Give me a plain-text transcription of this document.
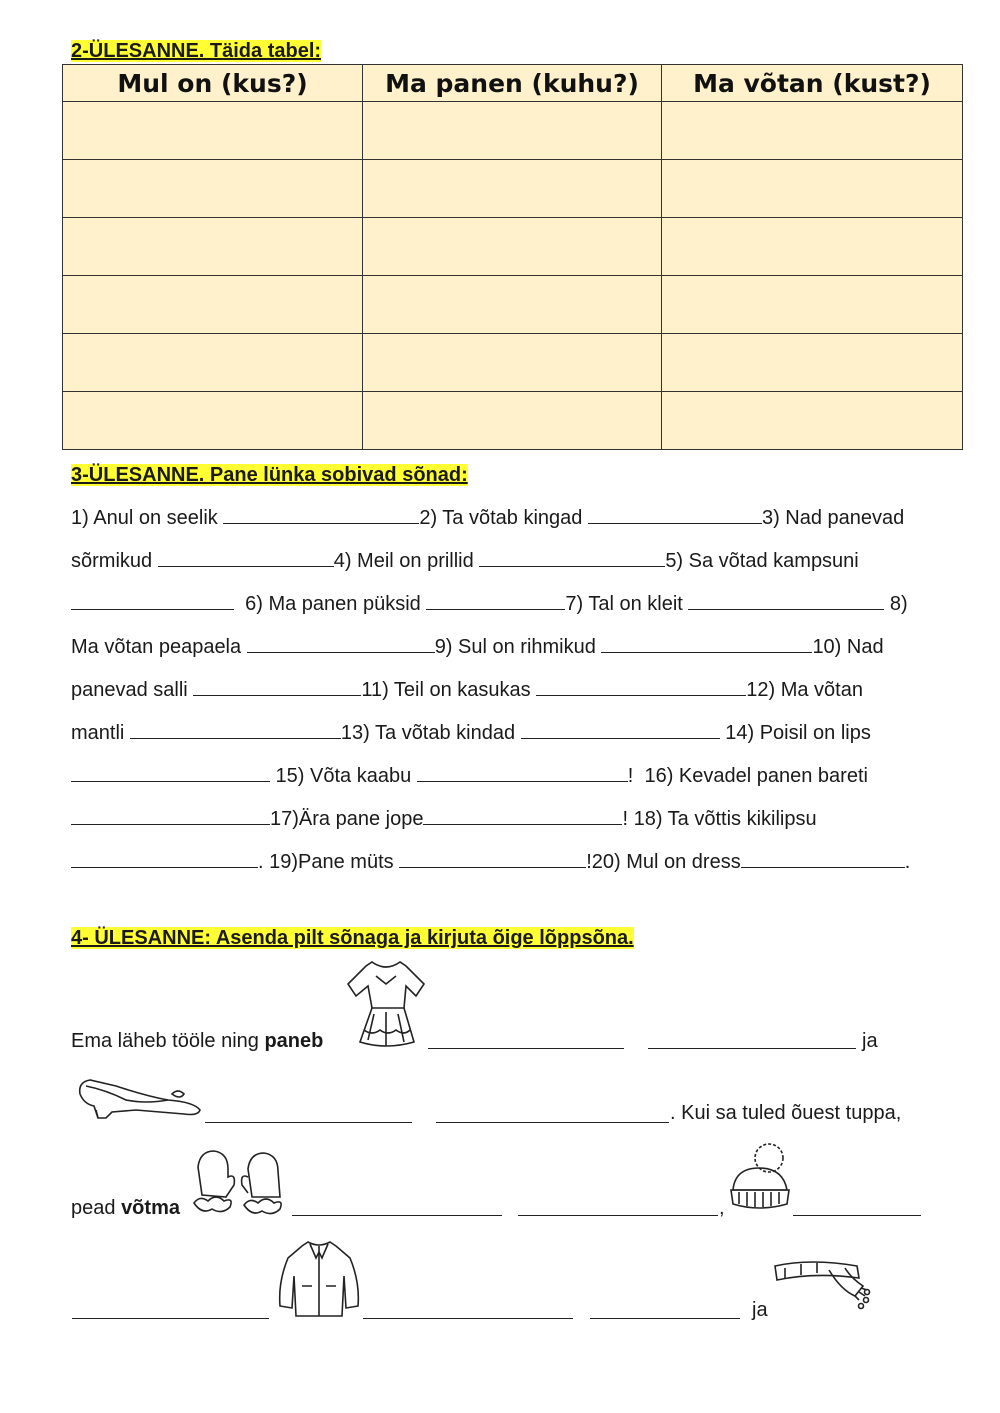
2-ÜLESANNE. Täida tabel:
Mul on (kus?)	Ma panen (kuhu?)	Ma võtan (kust?)

3-ÜLESANNE. Pane lünka sobivad sõnad:
1) Anul on seelik	2) Ta võtab kingad	3) Nad panevad
sõrmikud	4) Meil on prillid	5) Sa võtad kampsuni
6) Ma panen püksid	7) Tal on kleit	8)
Ma võtan peapaela	9) Sul on rihmikud	10) Nad
panevad salli	11) Teil on kasukas	12) Ma võtan
mantli	13) Ta võtab kindad	14) Poisil on lips
15) Võta kaabu	!  16) Kevadel panen bareti
17)Ära pane jope	! 18) Ta võttis kikilipsu
. 19)Pane müts	!20) Mul on dress	.
4- ÜLESANNE: Asenda pilt sõnaga ja kirjuta õige lõppsõna.
Ema läheb tööle ning paneb	ja
. Kui sa tuled õuest tuppa,
pead võtma	,
ja
